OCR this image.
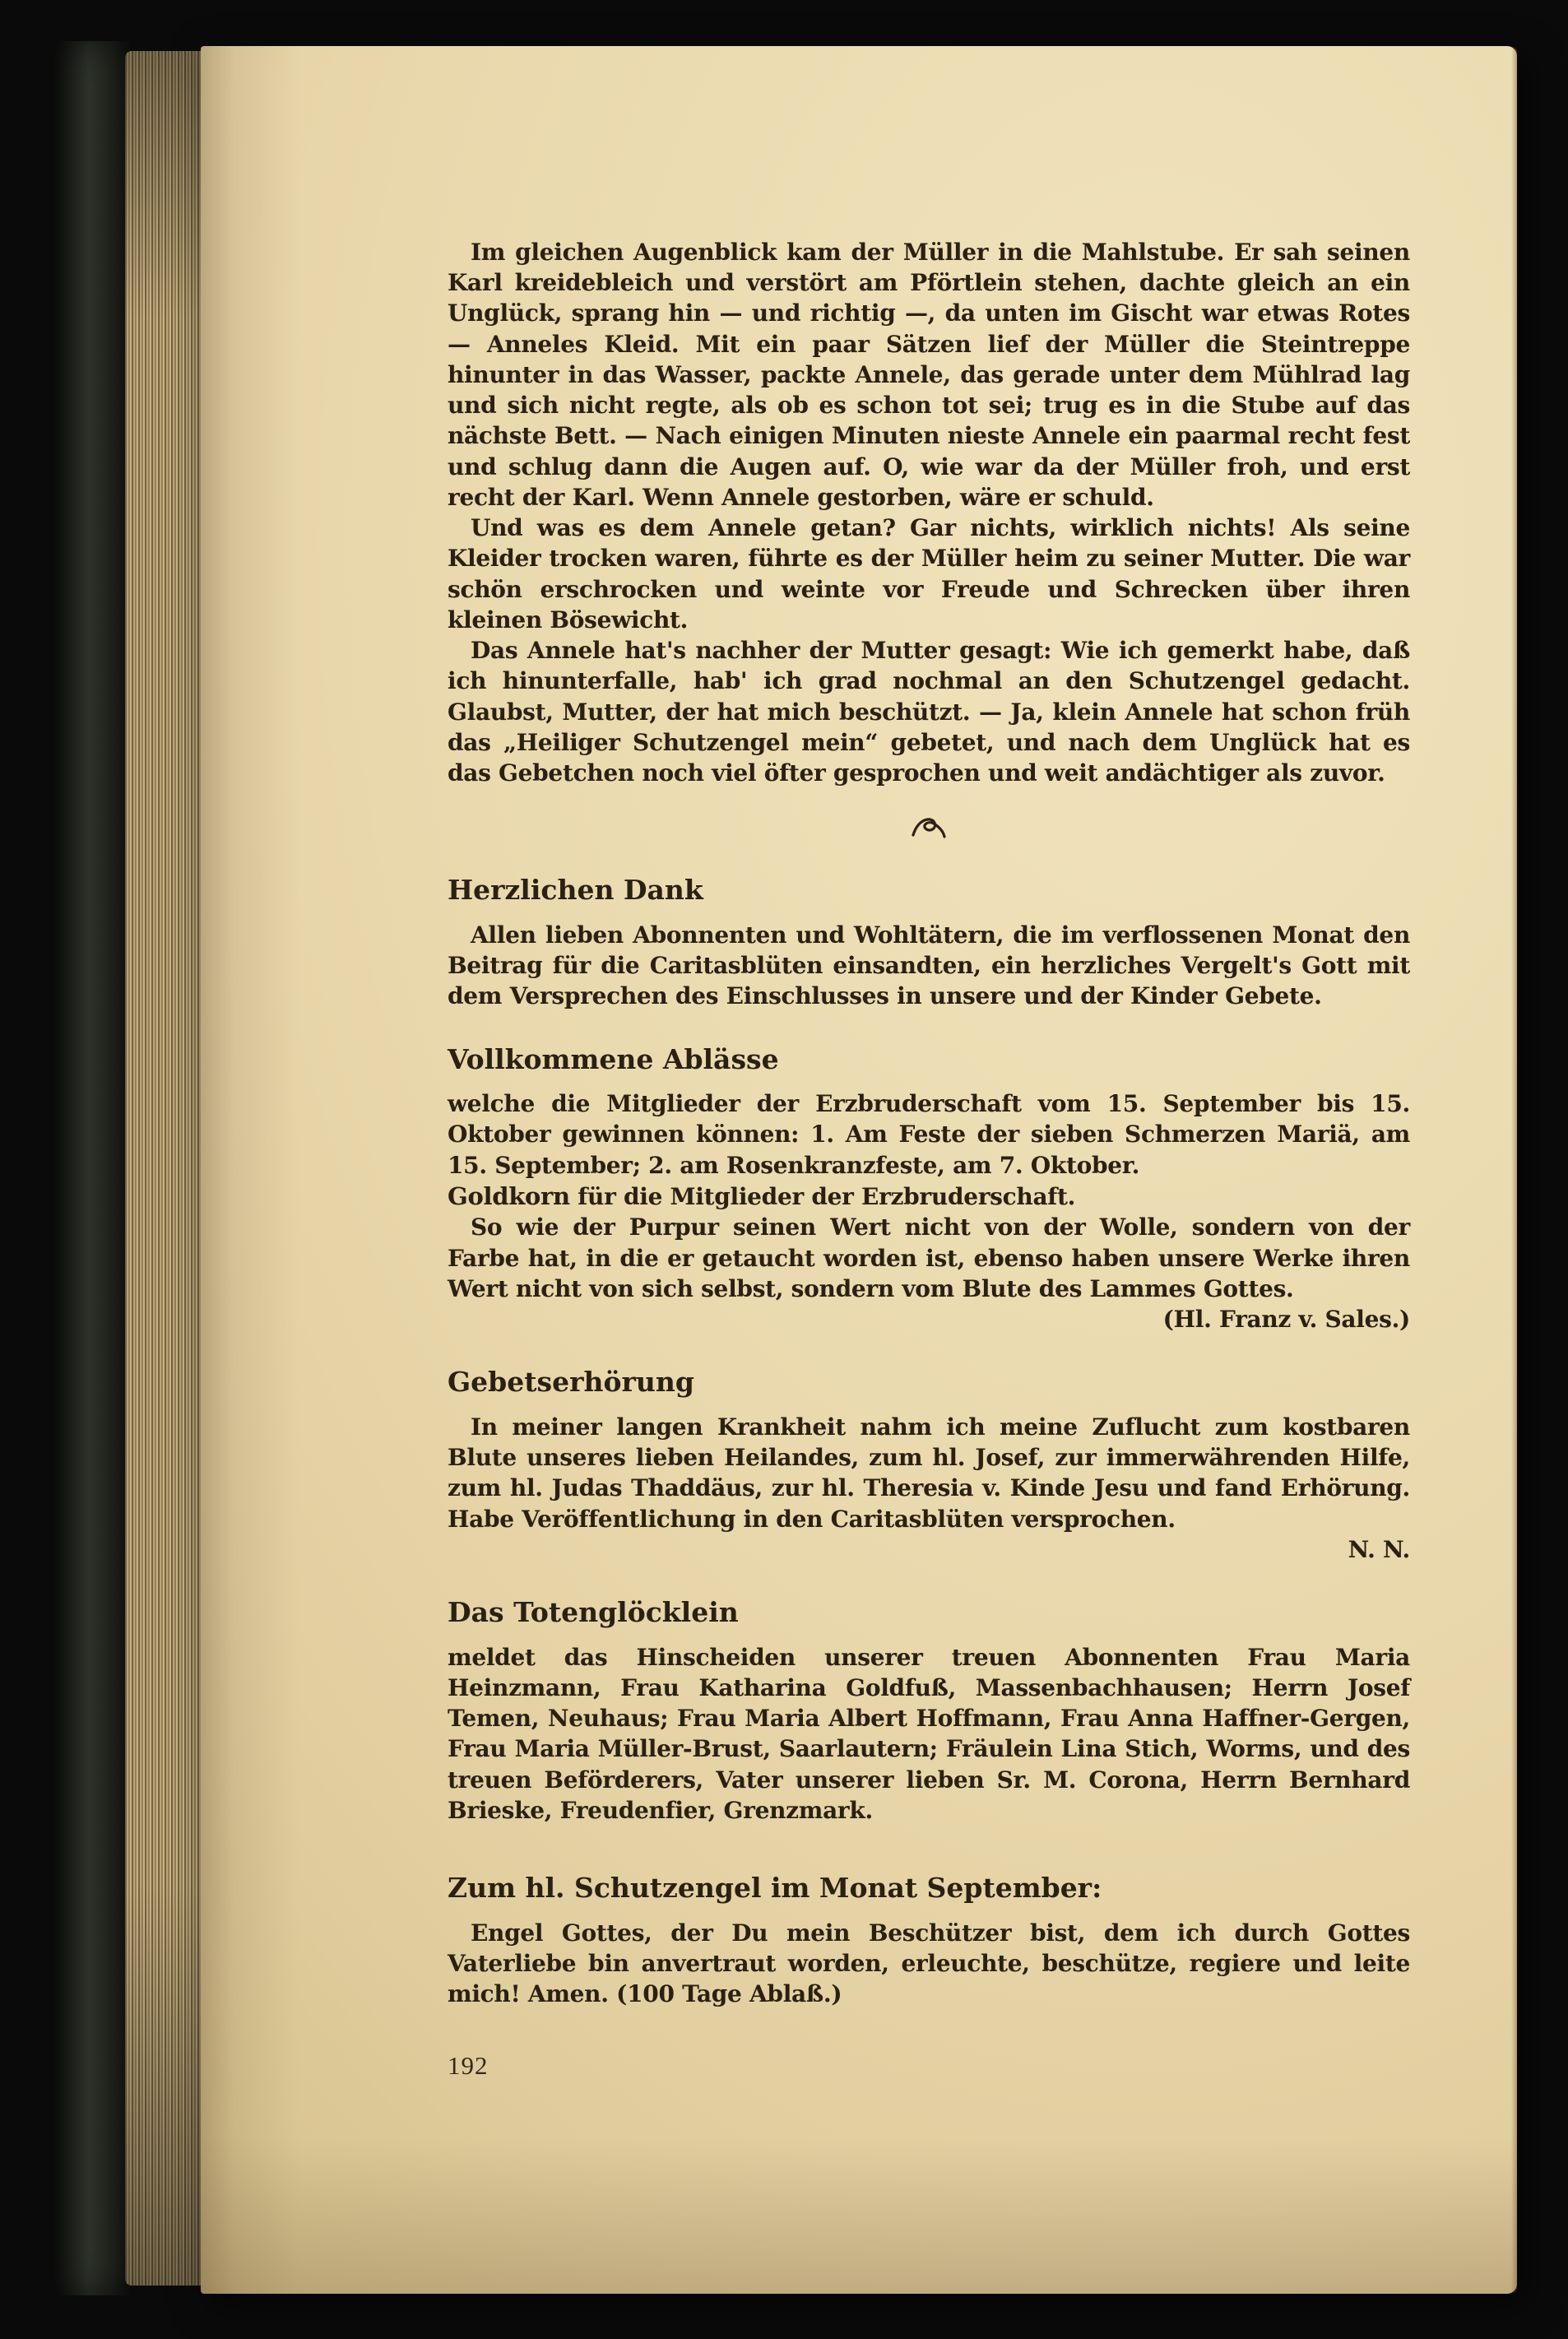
Im gleichen Augenblick kam der Müller in die Mahlstube. Er sah seinen Karl kreidebleich und verstört am Pförtlein stehen, dachte gleich an ein Unglück, sprang hin — und richtig —, da unten im Gischt war etwas Rotes — Anneles Kleid. Mit ein paar Sätzen lief der Müller die Steintreppe hinunter in das Wasser, packte Annele, das gerade unter dem Mühlrad lag und sich nicht regte, als ob es schon tot sei; trug es in die Stube auf das nächste Bett. — Nach einigen Minuten nieste Annele ein paarmal recht fest und schlug dann die Augen auf. O, wie war da der Müller froh, und erst recht der Karl. Wenn Annele gestorben, wäre er schuld.

Und was es dem Annele getan? Gar nichts, wirklich nichts! Als seine Kleider trocken waren, führte es der Müller heim zu seiner Mutter. Die war schön erschrocken und weinte vor Freude und Schrecken über ihren kleinen Bösewicht.

Das Annele hat's nachher der Mutter gesagt: Wie ich gemerkt habe, daß ich hinunterfalle, hab' ich grad nochmal an den Schutzengel gedacht. Glaubst, Mutter, der hat mich beschützt. — Ja, klein Annele hat schon früh das „Heiliger Schutzengel mein“ gebetet, und nach dem Unglück hat es das Gebetchen noch viel öfter gesprochen und weit andächtiger als zuvor.

Herzlichen Dank

Allen lieben Abonnenten und Wohltätern, die im verflossenen Monat den Beitrag für die Caritasblüten einsandten, ein herzliches Vergelt's Gott mit dem Versprechen des Einschlusses in unsere und der Kinder Gebete.

Vollkommene Ablässe

welche die Mitglieder der Erzbruderschaft vom 15. September bis 15. Oktober gewinnen können: 1. Am Feste der sieben Schmerzen Mariä, am 15. September; 2. am Rosenkranzfeste, am 7. Oktober.

Goldkorn für die Mitglieder der Erzbruderschaft.

So wie der Purpur seinen Wert nicht von der Wolle, sondern von der Farbe hat, in die er getaucht worden ist, ebenso haben unsere Werke ihren Wert nicht von sich selbst, sondern vom Blute des Lammes Gottes.

(Hl. Franz v. Sales.)

Gebetserhörung

In meiner langen Krankheit nahm ich meine Zuflucht zum kostbaren Blute unseres lieben Heilandes, zum hl. Josef, zur immerwährenden Hilfe, zum hl. Judas Thaddäus, zur hl. Theresia v. Kinde Jesu und fand Erhörung. Habe Veröffentlichung in den Caritasblüten versprochen.

N. N.

Das Totenglöcklein

meldet das Hinscheiden unserer treuen Abonnenten Frau Maria Heinzmann, Frau Katharina Goldfuß, Massenbachhausen; Herrn Josef Temen, Neuhaus; Frau Maria Albert Hoffmann, Frau Anna Haffner-Gergen, Frau Maria Müller-Brust, Saarlautern; Fräulein Lina Stich, Worms, und des treuen Beförderers, Vater unserer lieben Sr. M. Corona, Herrn Bernhard Brieske, Freudenfier, Grenzmark.

Zum hl. Schutzengel im Monat September:

Engel Gottes, der Du mein Beschützer bist, dem ich durch Gottes Vaterliebe bin anvertraut worden, erleuchte, beschütze, regiere und leite mich! Amen. (100 Tage Ablaß.)

192
